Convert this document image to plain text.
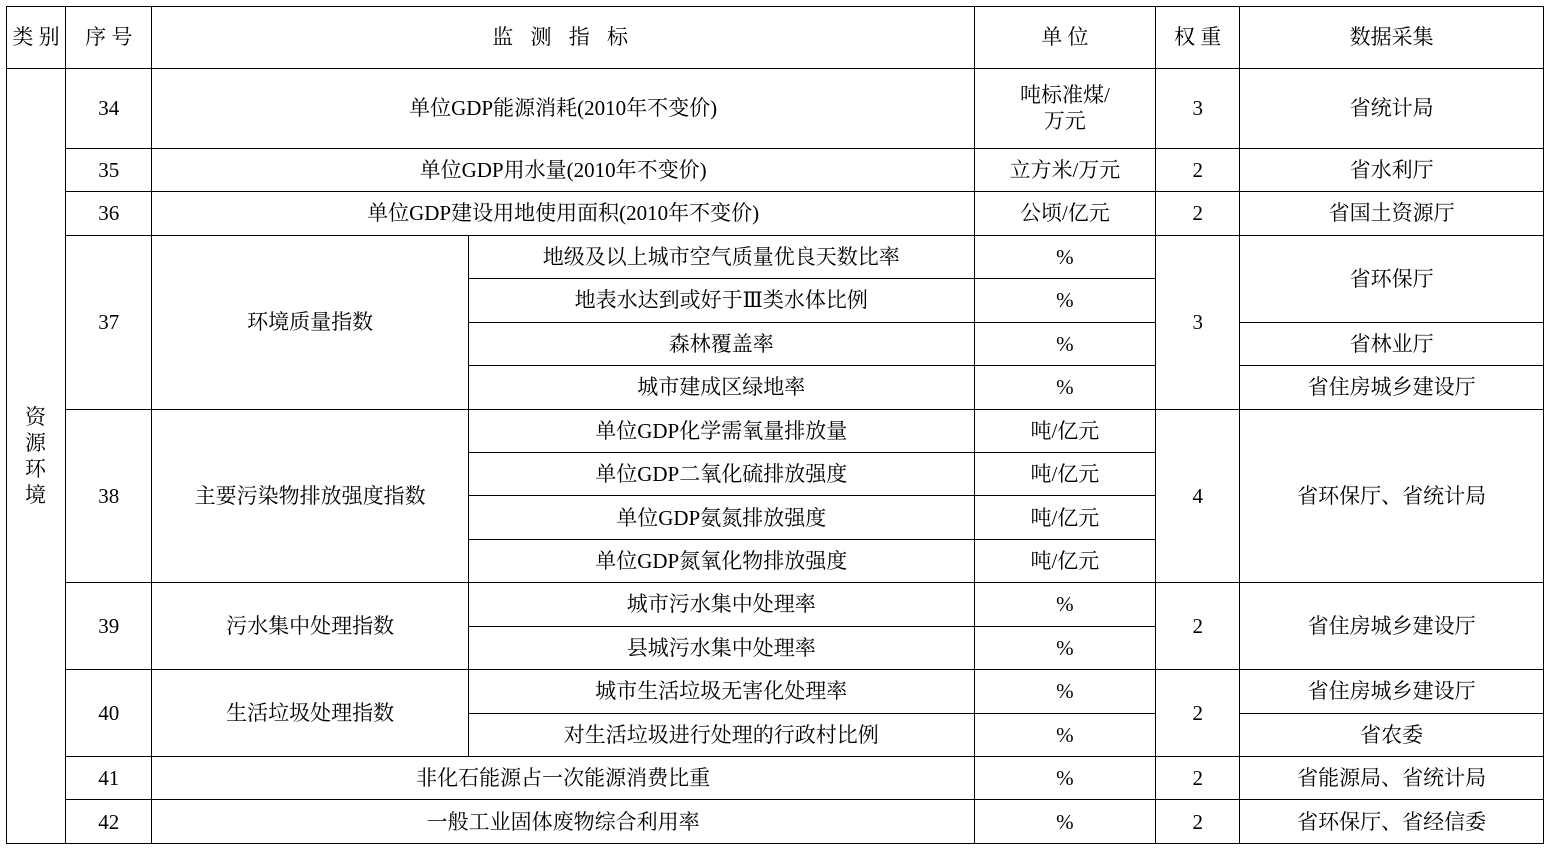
类 别	序 号	监 测 指 标		单 位	权 重	数据采集

资
源
环
境	34	单位GDP能源消耗(2010年不变价)		吨标准煤/
万元	3	省统计局
	35	单位GDP用水量(2010年不变价)		立方米/万元	2	省水利厅
	36	单位GDP建设用地使用面积(2010年不变价)		公顷/亿元	2	省国土资源厅
	37	环境质量指数	地级及以上城市空气质量优良天数比率	%	3	省环保厅
			地表水达到或好于Ⅲ类水体比例	%		
			森林覆盖率	%		省林业厅
			城市建成区绿地率	%		省住房城乡建设厅
	38	主要污染物排放强度指数	单位GDP化学需氧量排放量	吨/亿元	4	省环保厅、省统计局
			单位GDP二氧化硫排放强度	吨/亿元		
			单位GDP氨氮排放强度	吨/亿元		
			单位GDP氮氧化物排放强度	吨/亿元		
	39	污水集中处理指数	城市污水集中处理率	%	2	省住房城乡建设厅
			县城污水集中处理率	%		
	40	生活垃圾处理指数	城市生活垃圾无害化处理率	%	2	省住房城乡建设厅
			对生活垃圾进行处理的行政村比例	%		省农委
	41	非化石能源占一次能源消费比重		%	2	省能源局、省统计局
	42	一般工业固体废物综合利用率		%	2	省环保厅、省经信委
